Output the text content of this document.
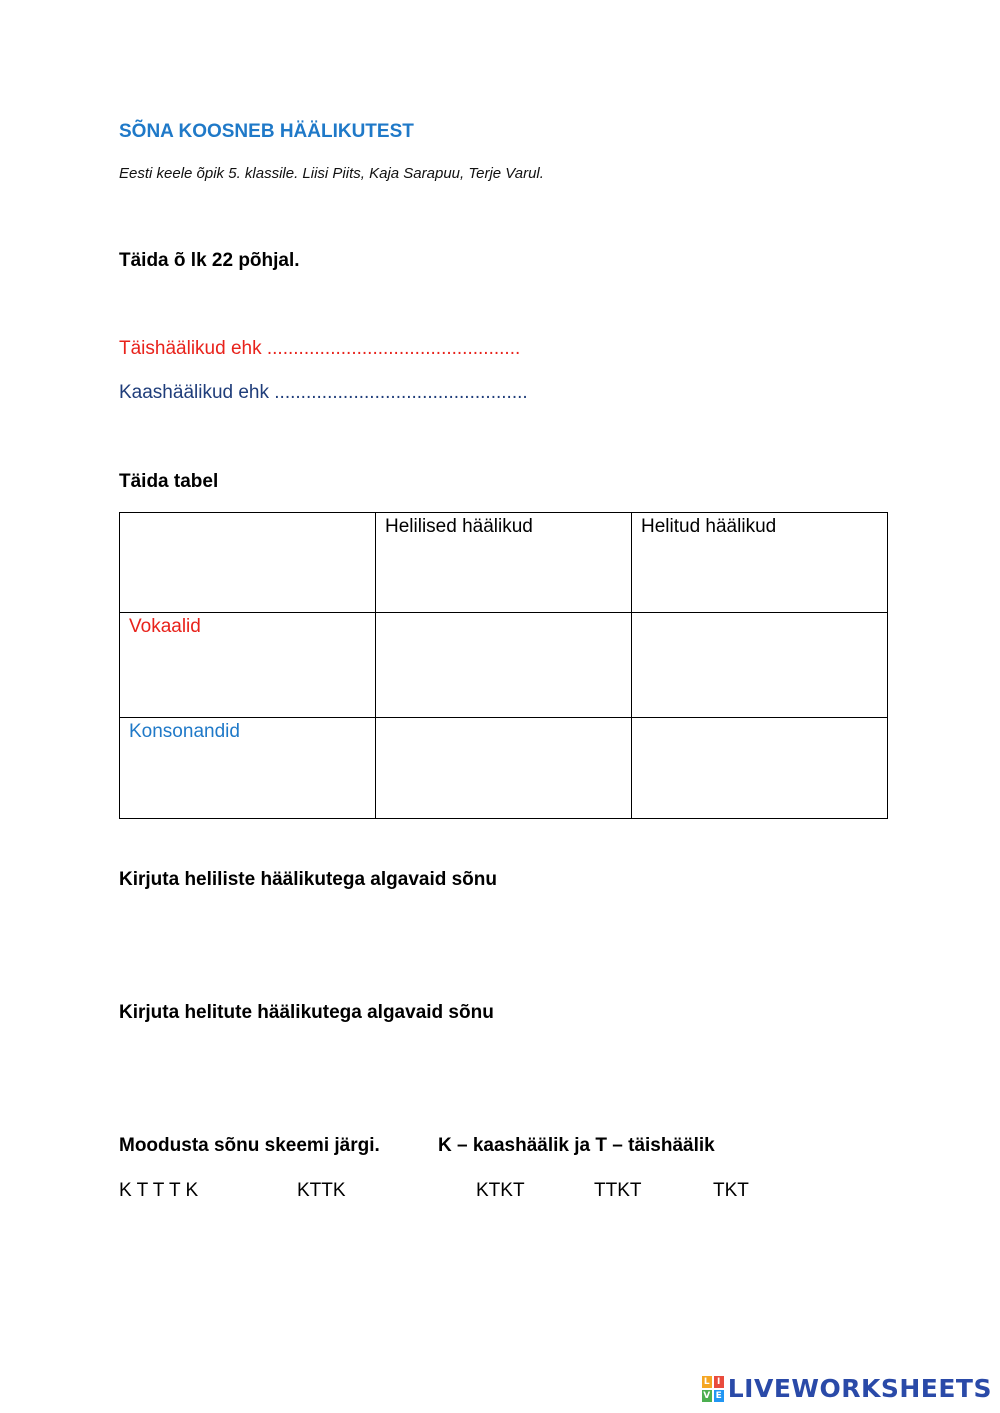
SÕNA KOOSNEB HÄÄLIKUTEST
Eesti keele õpik 5. klassile. Liisi Piits, Kaja Sarapuu, Terje Varul.
Täida õ lk 22 põhjal.
Täishäälikud ehk ................................................
Kaashäälikud ehk ................................................
Täida tabel
	Helilised häälikud	Helitud häälikud
Vokaalid		
Konsonandid		
Kirjuta heliliste häälikutega algavaid sõnu
Kirjuta helitute häälikutega algavaid sõnu
Moodusta sõnu skeemi järgi.	K – kaashäälik ja T – täishäälik
K T T T K	KTTK	KTKT	TTKT	TKT
L I
V E LIVEWORKSHEETS
